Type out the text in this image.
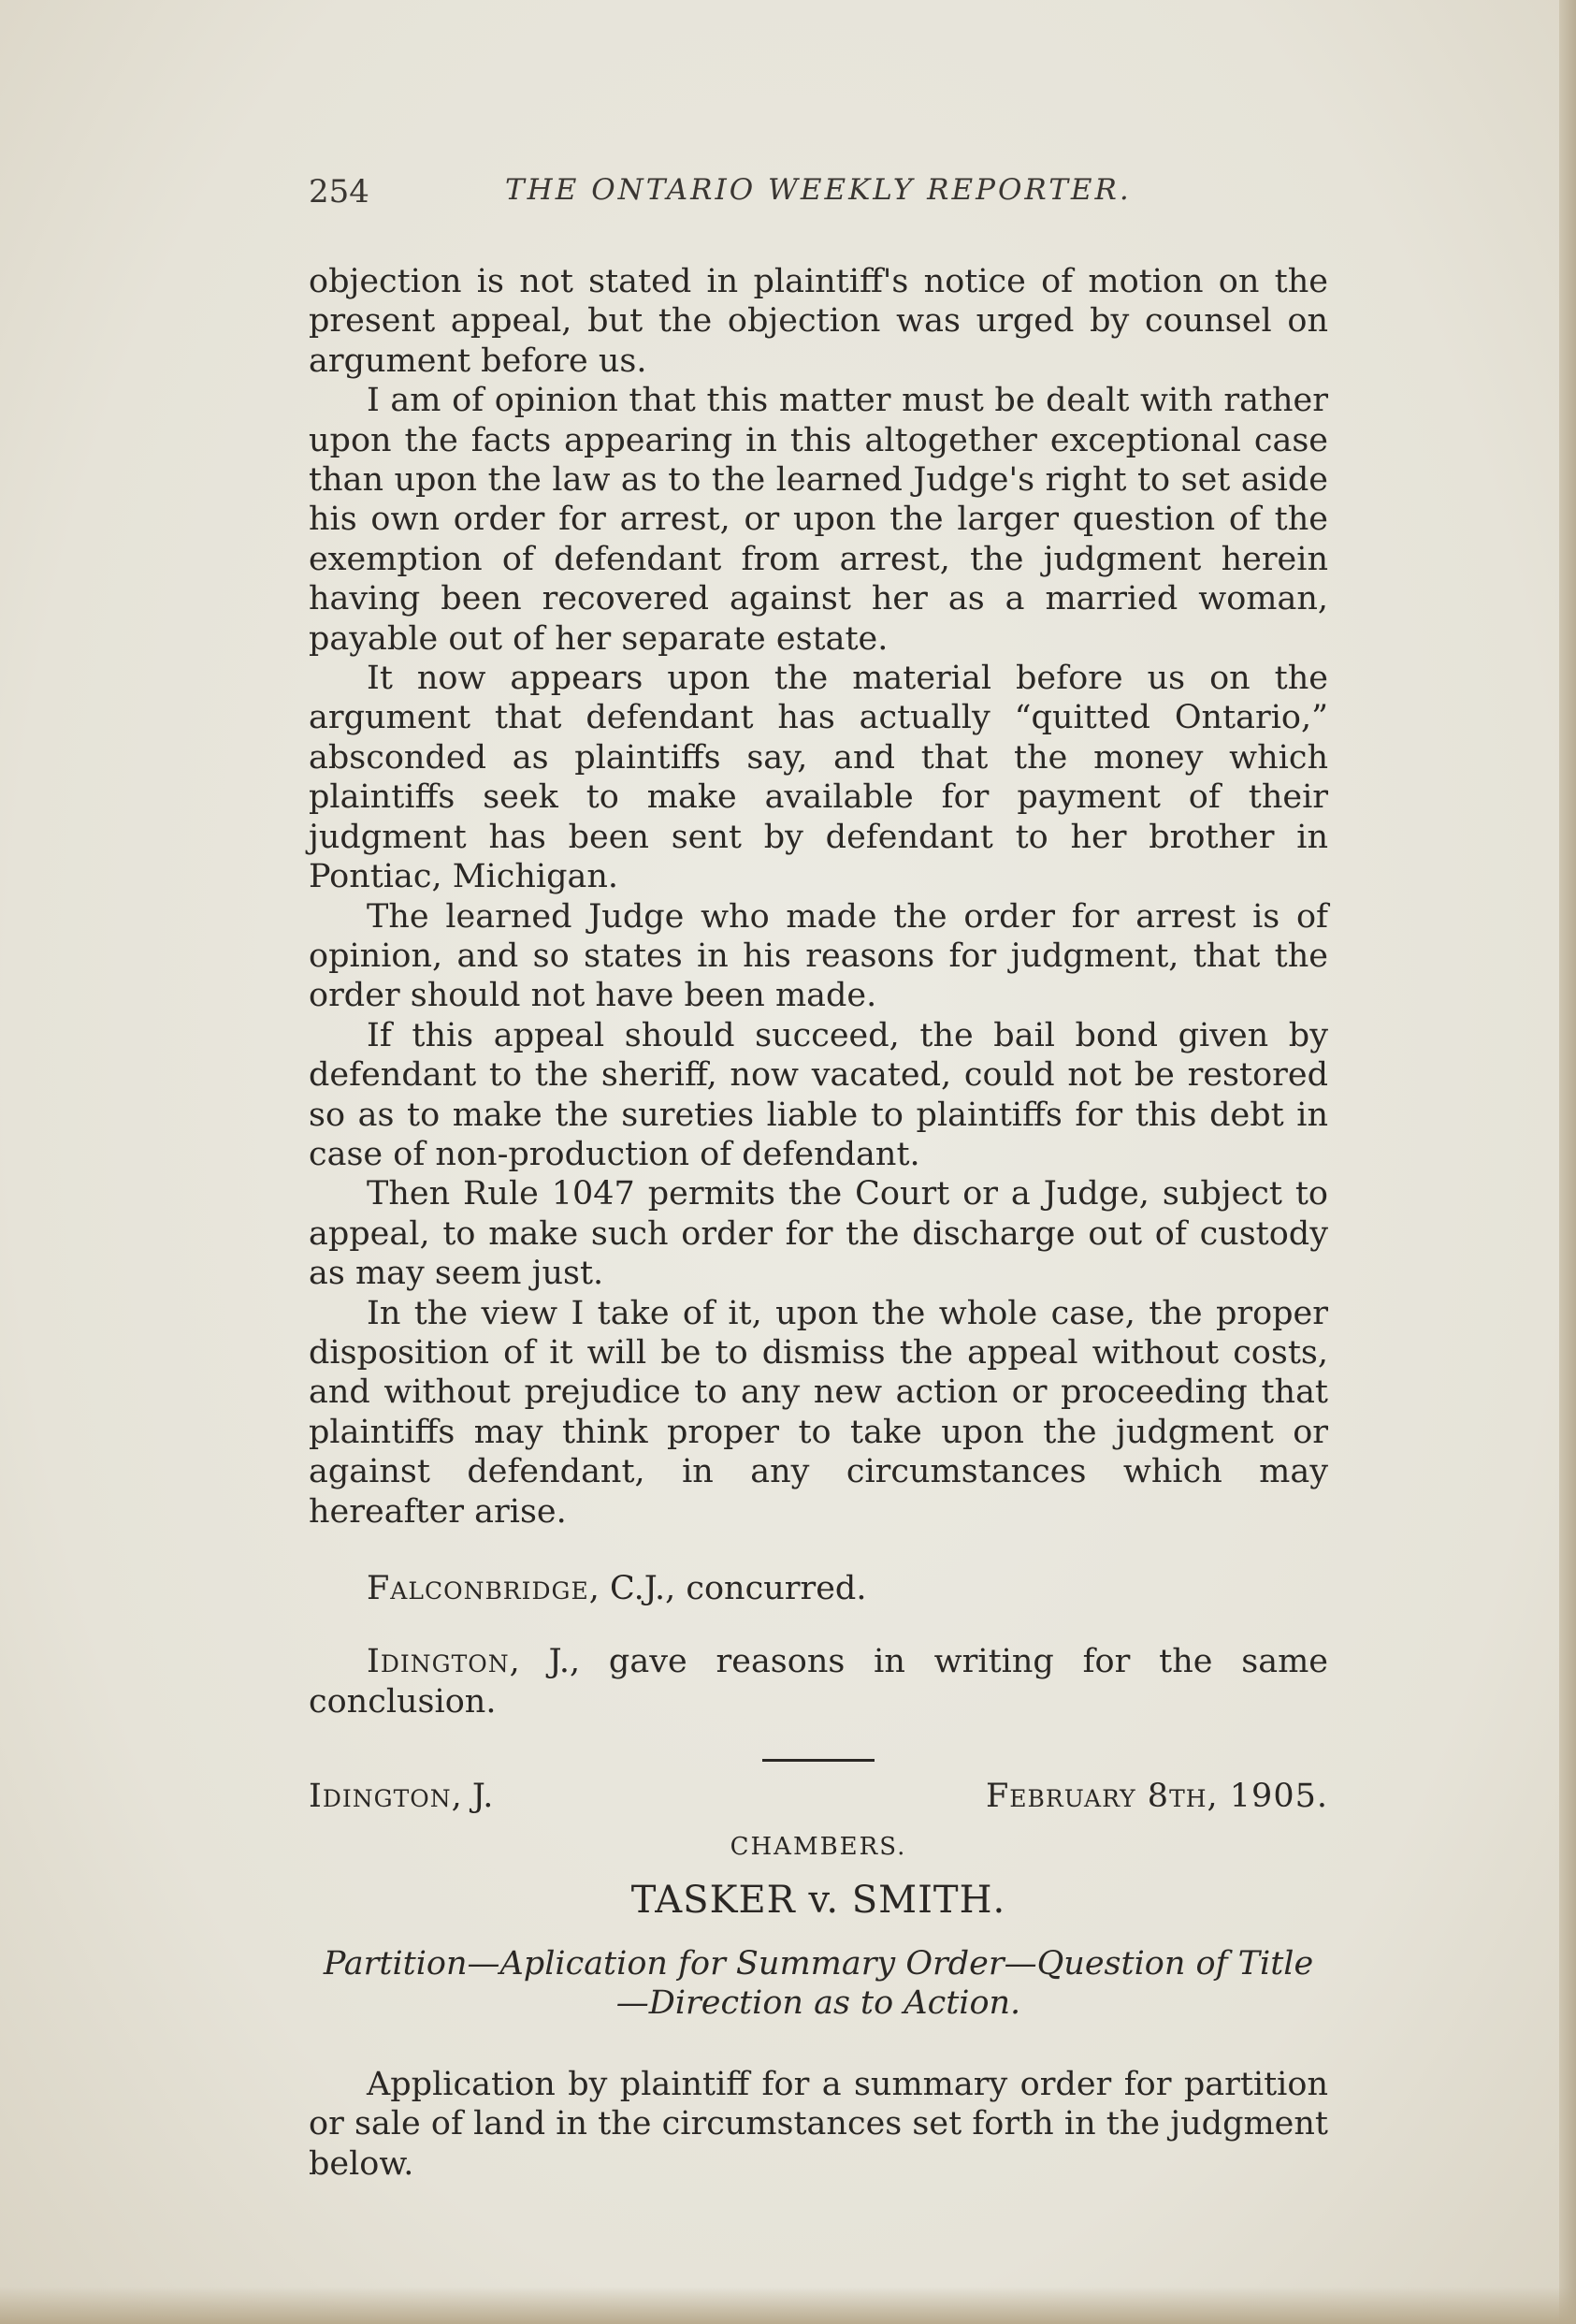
254	THE ONTARIO WEEKLY REPORTER.

objection is not stated in plaintiff's notice of motion on the present appeal, but the objection was urged by counsel on argument before us.

I am of opinion that this matter must be dealt with rather upon the facts appearing in this altogether exceptional case than upon the law as to the learned Judge's right to set aside his own order for arrest, or upon the larger question of the exemption of defendant from arrest, the judgment herein having been recovered against her as a married woman, payable out of her separate estate.

It now appears upon the material before us on the argument that defendant has actually “quitted Ontario,” absconded as plaintiffs say, and that the money which plaintiffs seek to make available for payment of their judgment has been sent by defendant to her brother in Pontiac, Michigan.

The learned Judge who made the order for arrest is of opinion, and so states in his reasons for judgment, that the order should not have been made.

If this appeal should succeed, the bail bond given by defendant to the sheriff, now vacated, could not be restored so as to make the sureties liable to plaintiffs for this debt in case of non-production of defendant.

Then Rule 1047 permits the Court or a Judge, subject to appeal, to make such order for the discharge out of custody as may seem just.

In the view I take of it, upon the whole case, the proper disposition of it will be to dismiss the appeal without costs, and without prejudice to any new action or proceeding that plaintiffs may think proper to take upon the judgment or against defendant, in any circumstances which may hereafter arise.

Falconbridge, C.J., concurred.

Idington, J., gave reasons in writing for the same conclusion.

Idington, J.	February 8th, 1905.

CHAMBERS.

TASKER v. SMITH.

Partition—Aplication for Summary Order—Question of Title —Direction as to Action.

Application by plaintiff for a summary order for partition or sale of land in the circumstances set forth in the judgment below.
